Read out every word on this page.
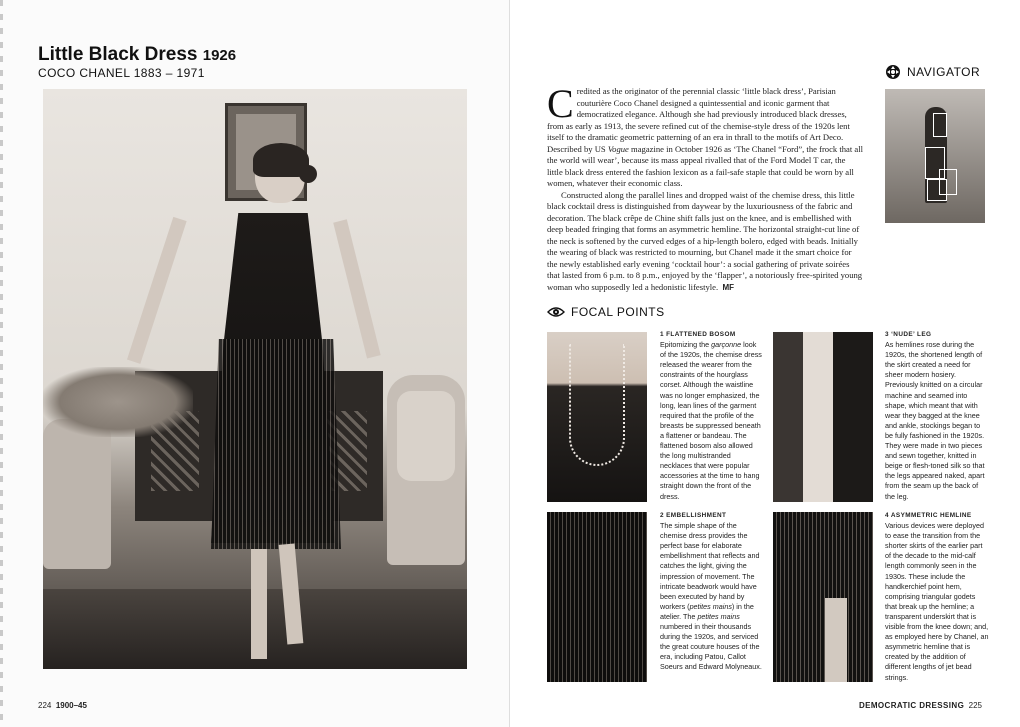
Little Black Dress 1926
COCO CHANEL 1883 – 1971
224 1900–45

Credited as the originator of the perennial classic ‘little black dress’, Parisian couturière Coco Chanel designed a quintessential and iconic garment that democratized elegance. Although she had previously introduced black dresses, from as early as 1913, the severe refined cut of the chemise-style dress of the 1920s lent itself to the dramatic geometric patterning of an era in thrall to the motifs of Art Deco. Described by US Vogue magazine in October 1926 as ‘The Chanel “Ford”, the frock that all the world will wear’, because its mass appeal rivalled that of the Ford Model T car, the little black dress entered the fashion lexicon as a fail-safe staple that could be worn by all women, whatever their economic class.

Constructed along the parallel lines and dropped waist of the chemise dress, this little black cocktail dress is distinguished from daywear by the luxuriousness of the fabric and decoration. The black crêpe de Chine shift falls just on the knee, and is embellished with deep beaded fringing that forms an asymmetric hemline. The horizontal straight-cut line of the neck is softened by the curved edges of a hip-length bolero, edged with beads. Initially the wearing of black was restricted to mourning, but Chanel made it the smart choice for the newly established early evening ‘cocktail hour’: a social gathering of private soirées that lasted from 6 p.m. to 8 p.m., enjoyed by the ‘flapper’, a notoriously free-spirited young woman who supposedly led a hedonistic lifestyle. MF

NAVIGATOR
FOCAL POINTS
1 FLATTENED BOSOM

Epitomizing the garçonne look of the 1920s, the chemise dress released the wearer from the constraints of the hourglass corset. Although the waistline was no longer emphasized, the long, lean lines of the garment required that the profile of the breasts be suppressed beneath a flattener or bandeau. The flattened bosom also allowed the long multistranded necklaces that were popular accessories at the time to hang straight down the front of the dress.

2 EMBELLISHMENT

The simple shape of the chemise dress provides the perfect base for elaborate embellishment that reflects and catches the light, giving the impression of movement. The intricate beadwork would have been executed by hand by workers (petites mains) in the atelier. The petites mains numbered in their thousands during the 1920s, and serviced the great couture houses of the era, including Patou, Callot Soeurs and Edward Molyneaux.

3 ‘NUDE’ LEG

As hemlines rose during the 1920s, the shortened length of the skirt created a need for sheer modern hosiery. Previously knitted on a circular machine and seamed into shape, which meant that with wear they bagged at the knee and ankle, stockings began to be fully fashioned in the 1920s. They were made in two pieces and sewn together, knitted in beige or flesh-toned silk so that the legs appeared naked, apart from the seam up the back of the leg.

4 ASYMMETRIC HEMLINE

Various devices were deployed to ease the transition from the shorter skirts of the earlier part of the decade to the mid-calf length commonly seen in the 1930s. These include the handkerchief point hem, comprising triangular godets that break up the hemline; a transparent underskirt that is visible from the knee down; and, as employed here by Chanel, an asymmetric hemline that is created by the addition of different lengths of jet bead strings.

DEMOCRATIC DRESSING 225
